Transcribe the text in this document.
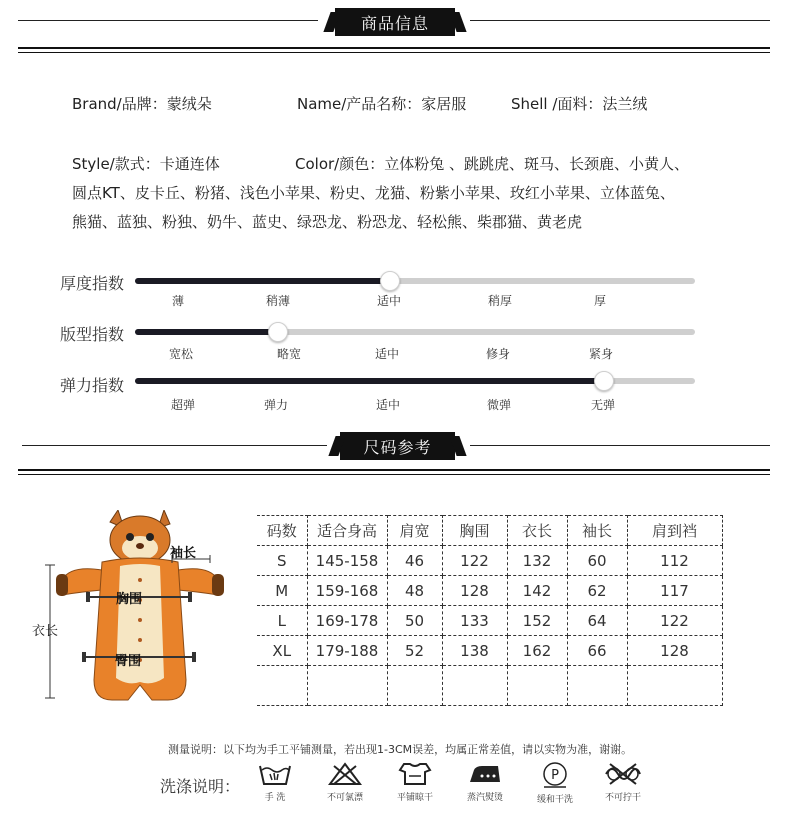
商品信息
Brand/品牌：蒙绒朵	Name/产品名称：家居服	Shell /面料：法兰绒
Style/款式：卡通连体	Color/颜色：立体粉兔 、跳跳虎、斑马、长颈鹿、小黄人、
圆点KT、皮卡丘、粉猪、浅色小苹果、粉史、龙猫、粉紫小苹果、玫红小苹果、立体蓝兔、
熊猫、蓝独、粉独、奶牛、蓝史、绿恐龙、粉恐龙、轻松熊、柴郡猫、黄老虎
厚度指数
薄	稍薄	适中	稍厚	厚
版型指数
宽松	略宽	适中	修身	紧身
弹力指数
超弹	弹力	适中	微弹	无弹
尺码参考
袖长
胸围
臀围
衣长
码数	适合身高	肩宽	胸围	衣长	袖长	肩到裆
S	145-158	46	122	132	60	112
M	159-168	48	128	142	62	117
L	169-178	50	133	152	64	122
XL	179-188	52	138	162	66	128

测量说明：以下均为手工平铺测量，若出现1-3CM误差，均属正常差值，请以实物为准，谢谢。
洗涤说明：
手 洗	不可氯漂	平铺晾干	蒸汽熨烫
P
缓和干洗	不可拧干
